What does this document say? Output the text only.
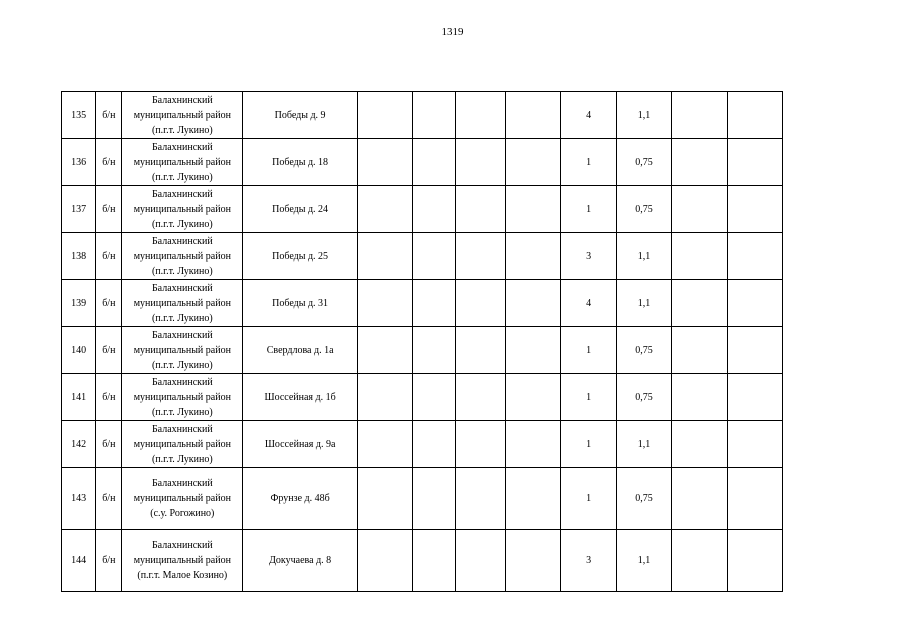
1319
135	б/н	Балахнинский
муниципальный район
(п.г.т. Лукино)	Победы д. 9					4	1,1		
136	б/н	Балахнинский
муниципальный район
(п.г.т. Лукино)	Победы д. 18					1	0,75		
137	б/н	Балахнинский
муниципальный район
(п.г.т. Лукино)	Победы д. 24					1	0,75		
138	б/н	Балахнинский
муниципальный район
(п.г.т. Лукино)	Победы д. 25					3	1,1		
139	б/н	Балахнинский
муниципальный район
(п.г.т. Лукино)	Победы д. 31					4	1,1		
140	б/н	Балахнинский
муниципальный район
(п.г.т. Лукино)	Свердлова д. 1а					1	0,75		
141	б/н	Балахнинский
муниципальный район
(п.г.т. Лукино)	Шоссейная д. 1б					1	0,75		
142	б/н	Балахнинский
муниципальный район
(п.г.т. Лукино)	Шоссейная д. 9а					1	1,1		
143	б/н	Балахнинский
муниципальный район
(с.у. Рогожино)	Фрунзе д. 48б					1	0,75		
144	б/н	Балахнинский
муниципальный район
(п.г.т. Малое Козино)	Докучаева д. 8					3	1,1		
